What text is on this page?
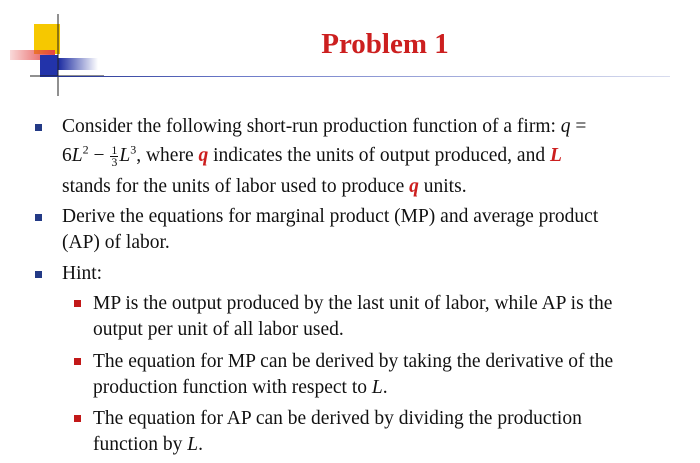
Problem 1
Consider the following short-run production function of a firm: q =
$6L^2 - \frac{1}{3} L^3$, where q indicates the units of output produced, and L
stands for the units of labor used to produce q units.
Derive the equations for marginal product (MP) and average product
(AP) of labor.
Hint:
MP is the output produced by the last unit of labor, while AP is the
output per unit of all labor used.
The equation for MP can be derived by taking the derivative of the
production function with respect to L.
The equation for AP can be derived by dividing the production
function by L.
